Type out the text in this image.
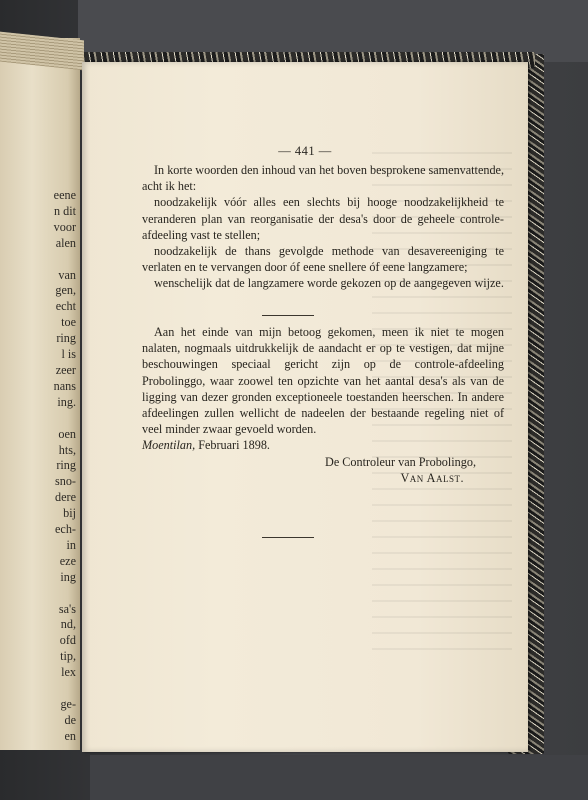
eene
n dit
voor
alen

van
gen,
echt
toe
ring
l is
zeer
nans
ing.

oen
hts,
ring
sno-
dere
bij
ech-
in
eze
ing

sa's
nd,
ofd
tip,
lex

ge-
de
en
— 441 —

In korte woorden den inhoud van het boven besprokene samenvattende, acht ik het:

noodzakelijk vóór alles een slechts bij hooge noodzakelijkheid te veranderen plan van reorganisatie der desa's door de geheele controle-afdeeling vast te stellen;

noodzakelijk de thans gevolgde methode van desavereeniging te verlaten en te vervangen door óf eene snellere óf eene langzamere;

wenschelijk dat de langzamere worde gekozen op de aangegeven wijze.

Aan het einde van mijn betoog gekomen, meen ik niet te mogen nalaten, nogmaals uitdrukkelijk de aandacht er op te vestigen, dat mijne beschouwingen speciaal gericht zijn op de controle-afdeeling Probolinggo, waar zoowel ten opzichte van het aantal desa's als van de ligging van dezer gronden exceptioneele toestanden heerschen. In andere afdeelingen zullen wellicht de nadeelen der bestaande regeling niet of veel minder zwaar gevoeld worden.

Moentilan, Februari 1898.

De Controleur van Probolingo,

Van Aalst.
